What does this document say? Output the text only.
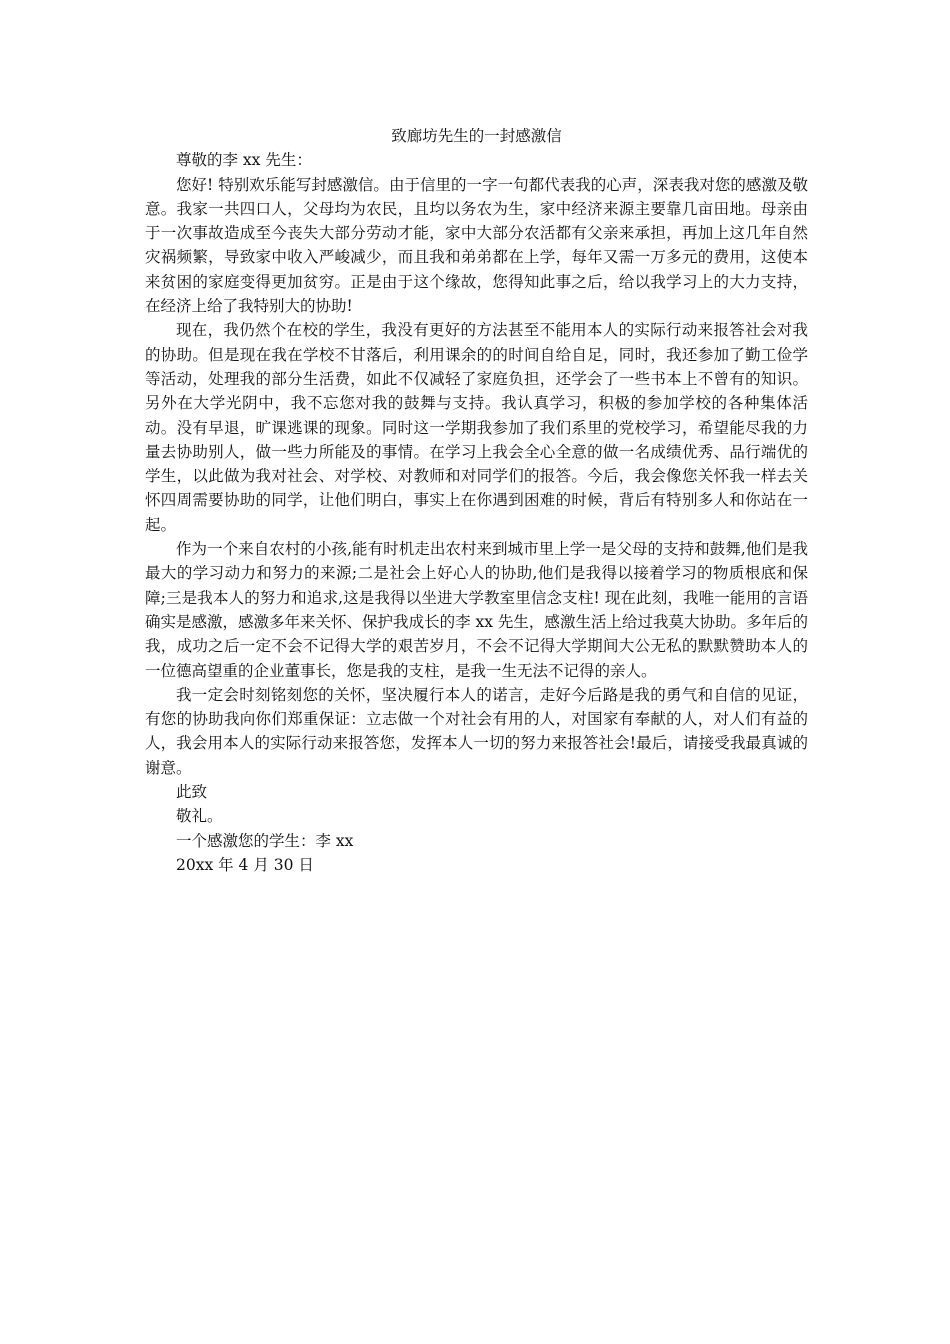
致廊坊先生的一封感激信

尊敬的李 xx 先生：

您好! 特别欢乐能写封感激信。由于信里的一字一句都代表我的心声，深表我对您的感激及敬意。我家一共四口人，父母均为农民，且均以务农为生，家中经济来源主要靠几亩田地。母亲由于一次事故造成至今丧失大部分劳动才能，家中大部分农活都有父亲来承担，再加上这几年自然灾祸频繁，导致家中收入严峻减少，而且我和弟弟都在上学，每年又需一万多元的费用，这使本来贫困的家庭变得更加贫穷。正是由于这个缘故，您得知此事之后，给以我学习上的大力支持，在经济上给了我特别大的协助!

现在，我仍然个在校的学生，我没有更好的方法甚至不能用本人的实际行动来报答社会对我的协助。但是现在我在学校不甘落后，利用课余的的时间自给自足，同时，我还参加了勤工俭学等活动，处理我的部分生活费，如此不仅减轻了家庭负担，还学会了一些书本上不曾有的知识。另外在大学光阴中，我不忘您对我的鼓舞与支持。我认真学习，积极的参加学校的各种集体活动。没有早退，旷课逃课的现象。同时这一学期我参加了我们系里的党校学习，希望能尽我的力量去协助别人，做一些力所能及的事情。在学习上我会全心全意的做一名成绩优秀、品行端优的学生，以此做为我对社会、对学校、对教师和对同学们的报答。今后，我会像您关怀我一样去关怀四周需要协助的同学，让他们明白，事实上在你遇到困难的时候，背后有特别多人和你站在一起。

作为一个来自农村的小孩,能有时机走出农村来到城市里上学一是父母的支持和鼓舞,他们是我最大的学习动力和努力的来源;二是社会上好心人的协助,他们是我得以接着学习的物质根底和保障;三是我本人的努力和追求,这是我得以坐进大学教室里信念支柱! 现在此刻，我唯一能用的言语确实是感激，感激多年来关怀、保护我成长的李 xx 先生，感激生活上给过我莫大协助。多年后的我，成功之后一定不会不记得大学的艰苦岁月，不会不记得大学期间大公无私的默默赞助本人的一位德高望重的企业董事长，您是我的支柱，是我一生无法不记得的亲人。

我一定会时刻铭刻您的关怀，坚决履行本人的诺言，走好今后路是我的勇气和自信的见证，有您的协助我向你们郑重保证：立志做一个对社会有用的人，对国家有奉献的人，对人们有益的人，我会用本人的实际行动来报答您，发挥本人一切的努力来报答社会!最后，请接受我最真诚的谢意。

此致

敬礼。

一个感激您的学生：李 xx

20xx 年 4 月 30 日
